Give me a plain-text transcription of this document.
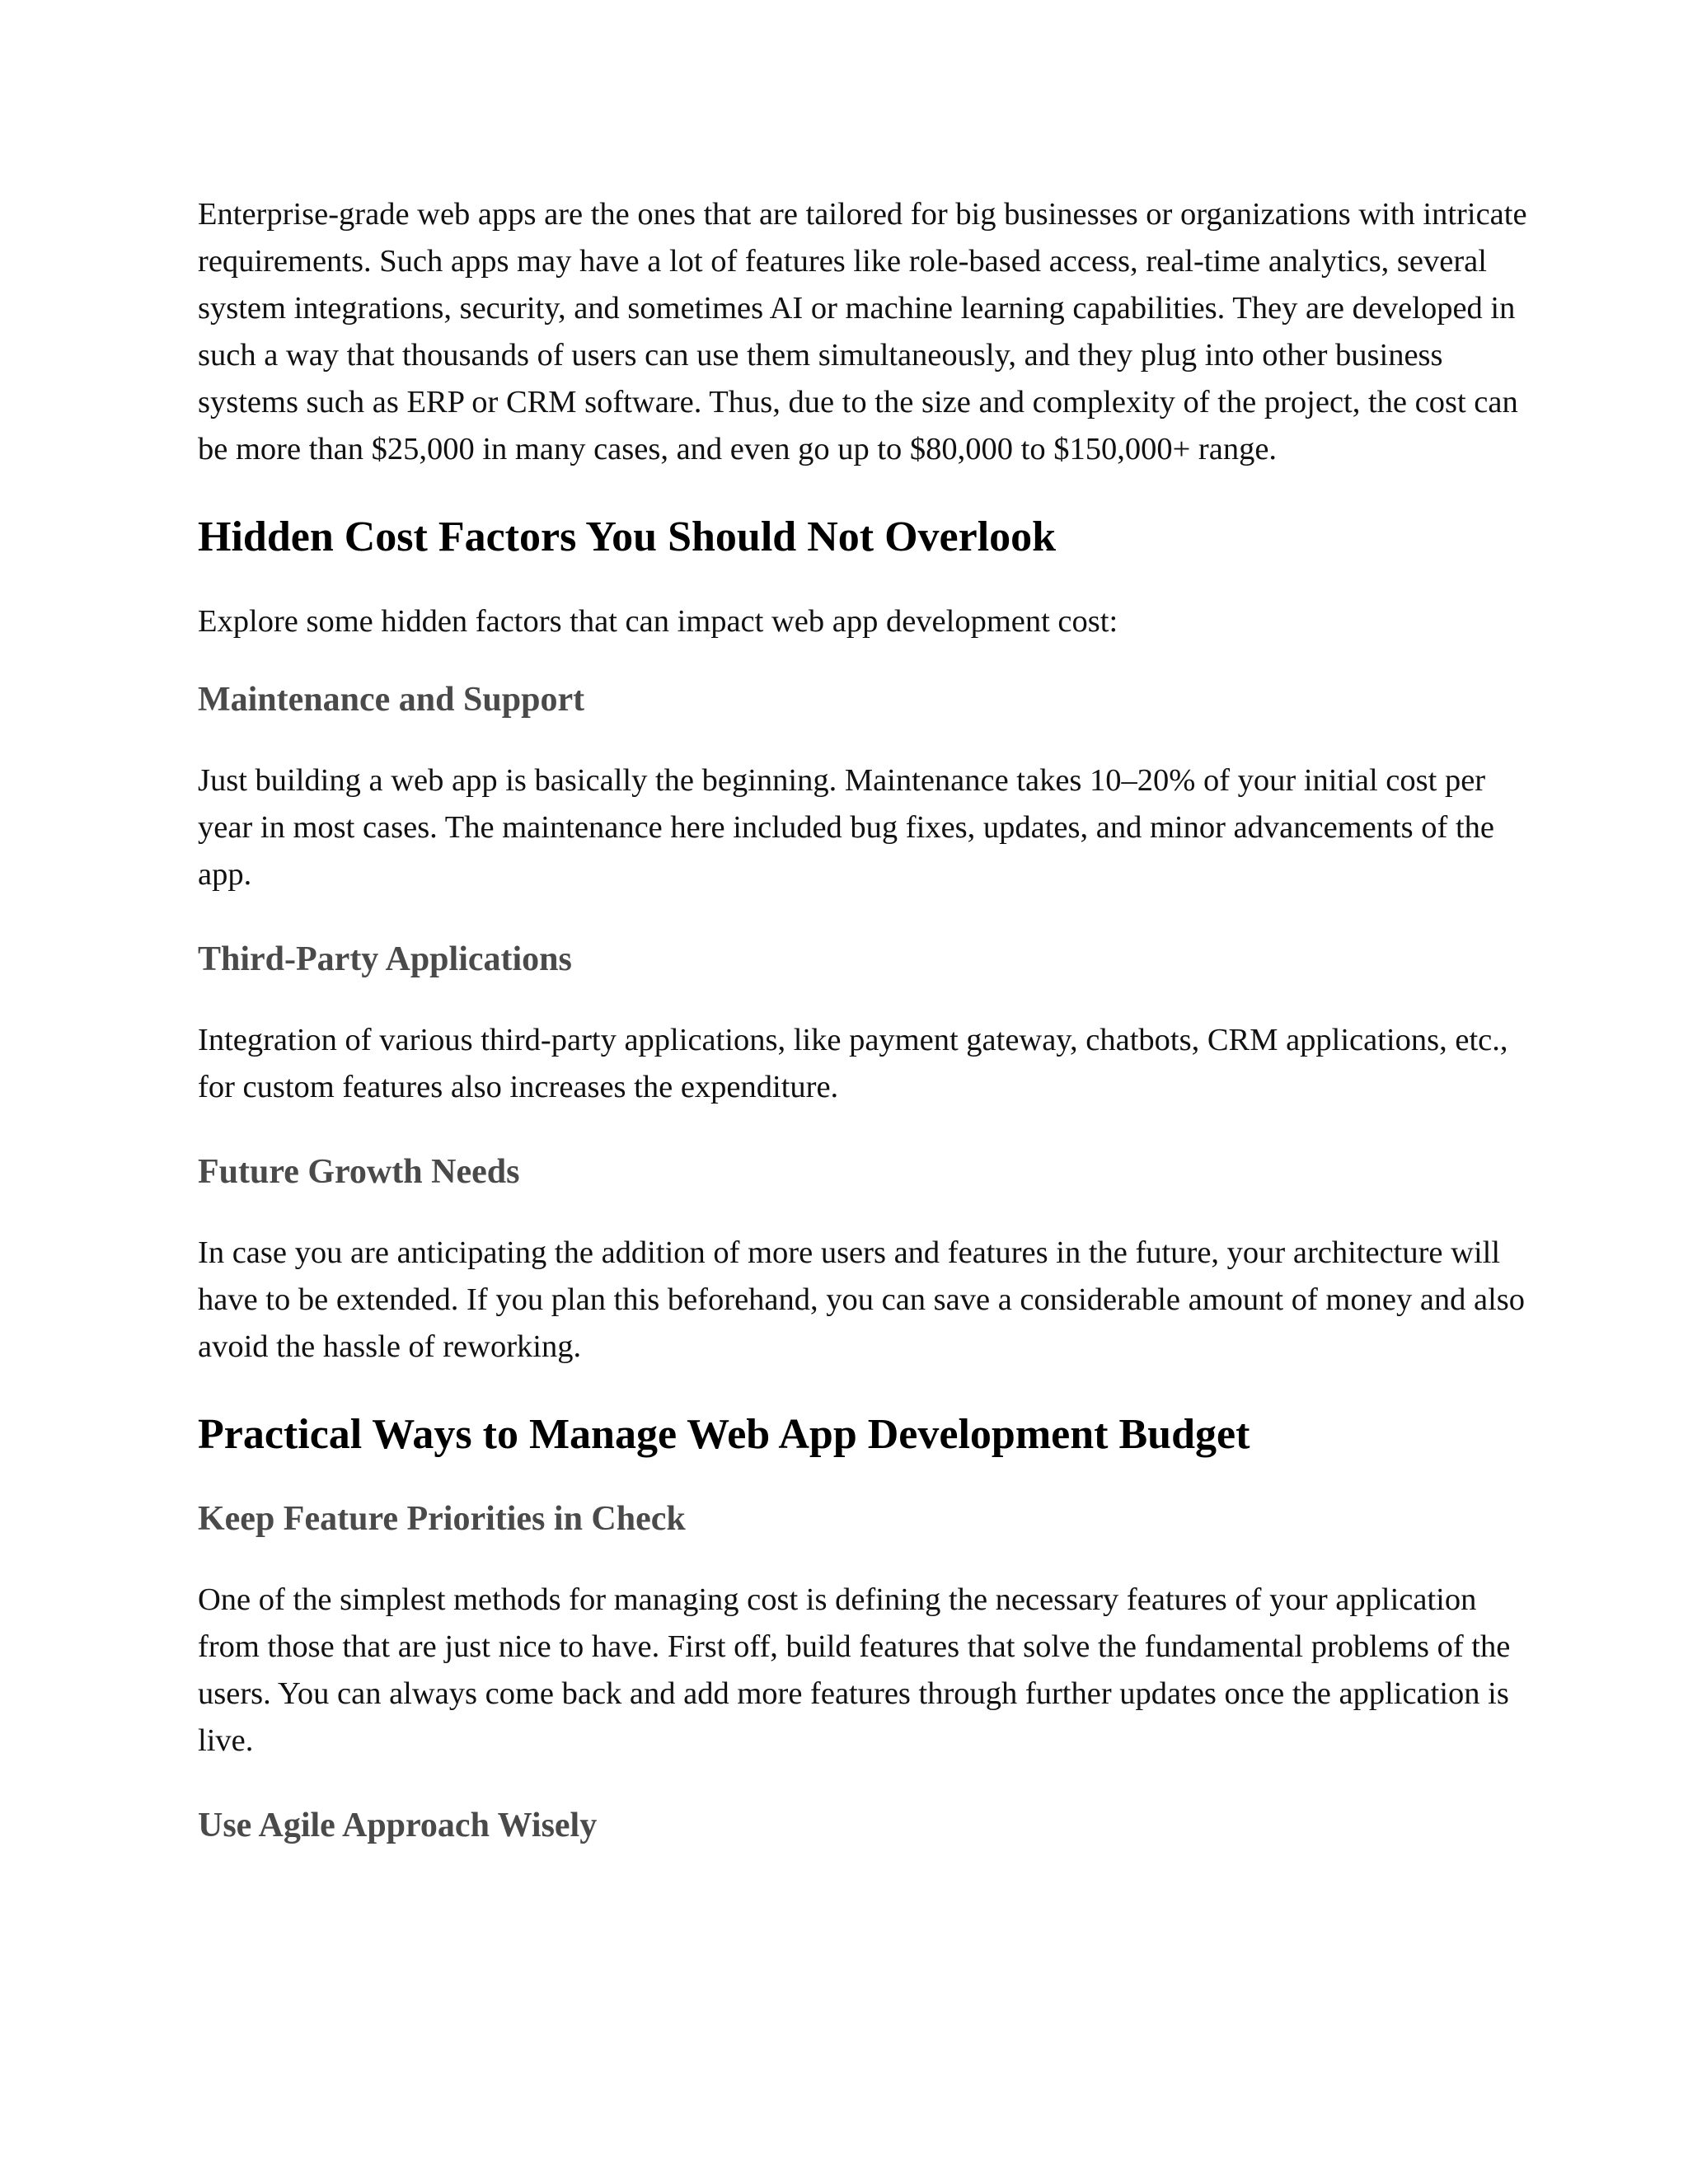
Enterprise-grade web apps are the ones that are tailored for big businesses or organizations with intricate requirements. Such apps may have a lot of features like role-based access, real-time analytics, several system integrations, security, and sometimes AI or machine learning capabilities. They are developed in such a way that thousands of users can use them simultaneously, and they plug into other business systems such as ERP or CRM software. Thus, due to the size and complexity of the project, the cost can be more than $25,000 in many cases, and even go up to $80,000 to $150,000+ range.

Hidden Cost Factors You Should Not Overlook

Explore some hidden factors that can impact web app development cost:

Maintenance and Support

Just building a web app is basically the beginning. Maintenance takes 10–20% of your initial cost per year in most cases. The maintenance here included bug fixes, updates, and minor advancements of the app.

Third-Party Applications

Integration of various third-party applications, like payment gateway, chatbots, CRM applications, etc., for custom features also increases the expenditure.

Future Growth Needs

In case you are anticipating the addition of more users and features in the future, your architecture will have to be extended. If you plan this beforehand, you can save a considerable amount of money and also avoid the hassle of reworking.

Practical Ways to Manage Web App Development Budget
Keep Feature Priorities in Check

One of the simplest methods for managing cost is defining the necessary features of your application from those that are just nice to have. First off, build features that solve the fundamental problems of the users. You can always come back and add more features through further updates once the application is live.

Use Agile Approach Wisely
